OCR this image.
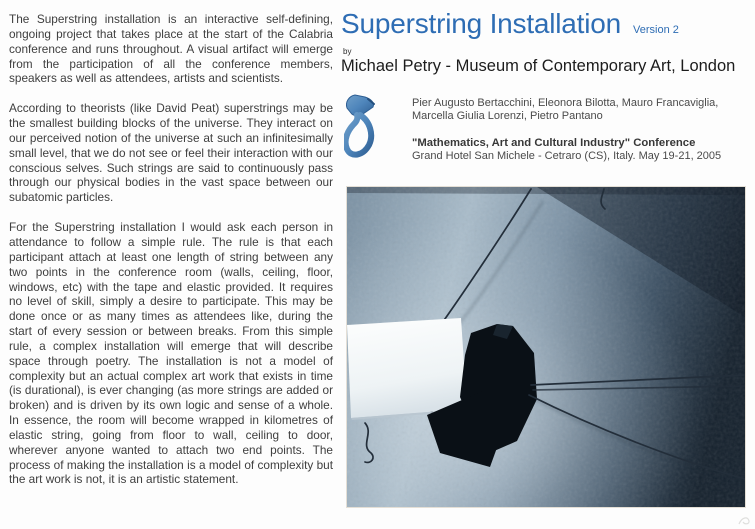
The Superstring installation is an interactive self-defining, ongoing project that takes place at the start of the Calabria conference and runs throughout. A visual artifact will emerge from the participation of all the conference members, speakers as well as attendees, artists and scientists.

According to theorists (like David Peat) superstrings may be the smallest building blocks of the universe. They interact on our perceived notion of the universe at such an infinitesimally small level, that we do not see or feel their interaction with our conscious selves. Such strings are said to continuously pass through our physical bodies in the vast space between our subatomic particles.

For the Superstring installation I would ask each person in attendance to follow a simple rule. The rule is that each participant attach at least one length of string between any two points in the conference room (walls, ceiling, floor, windows, etc) with the tape and elastic provided. It requires no level of skill, simply a desire to participate. This may be done once or as many times as attendees like, during the start of every session or between breaks. From this simple rule, a complex installation will emerge that will describe space through poetry. The installation is not a model of complexity but an actual complex art work that exists in time (is durational), is ever changing (as more strings are added or broken) and is driven by its own logic and sense of a whole. In essence, the room will become wrapped in kilometres of elastic string, going from floor to wall, ceiling to door, wherever anyone wanted to attach two end points. The process of making the installation is a model of complexity but the art work is not, it is an artistic statement.

Superstring Installation Version 2
by
Michael Petry - Museum of Contemporary Art, London
Pier Augusto Bertacchini, Eleonora Bilotta, Mauro Francaviglia, Marcella Giulia Lorenzi, Pietro Pantano
"Mathematics, Art and Cultural Industry" Conference
Grand Hotel San Michele - Cetraro (CS), Italy. May 19-21, 2005
